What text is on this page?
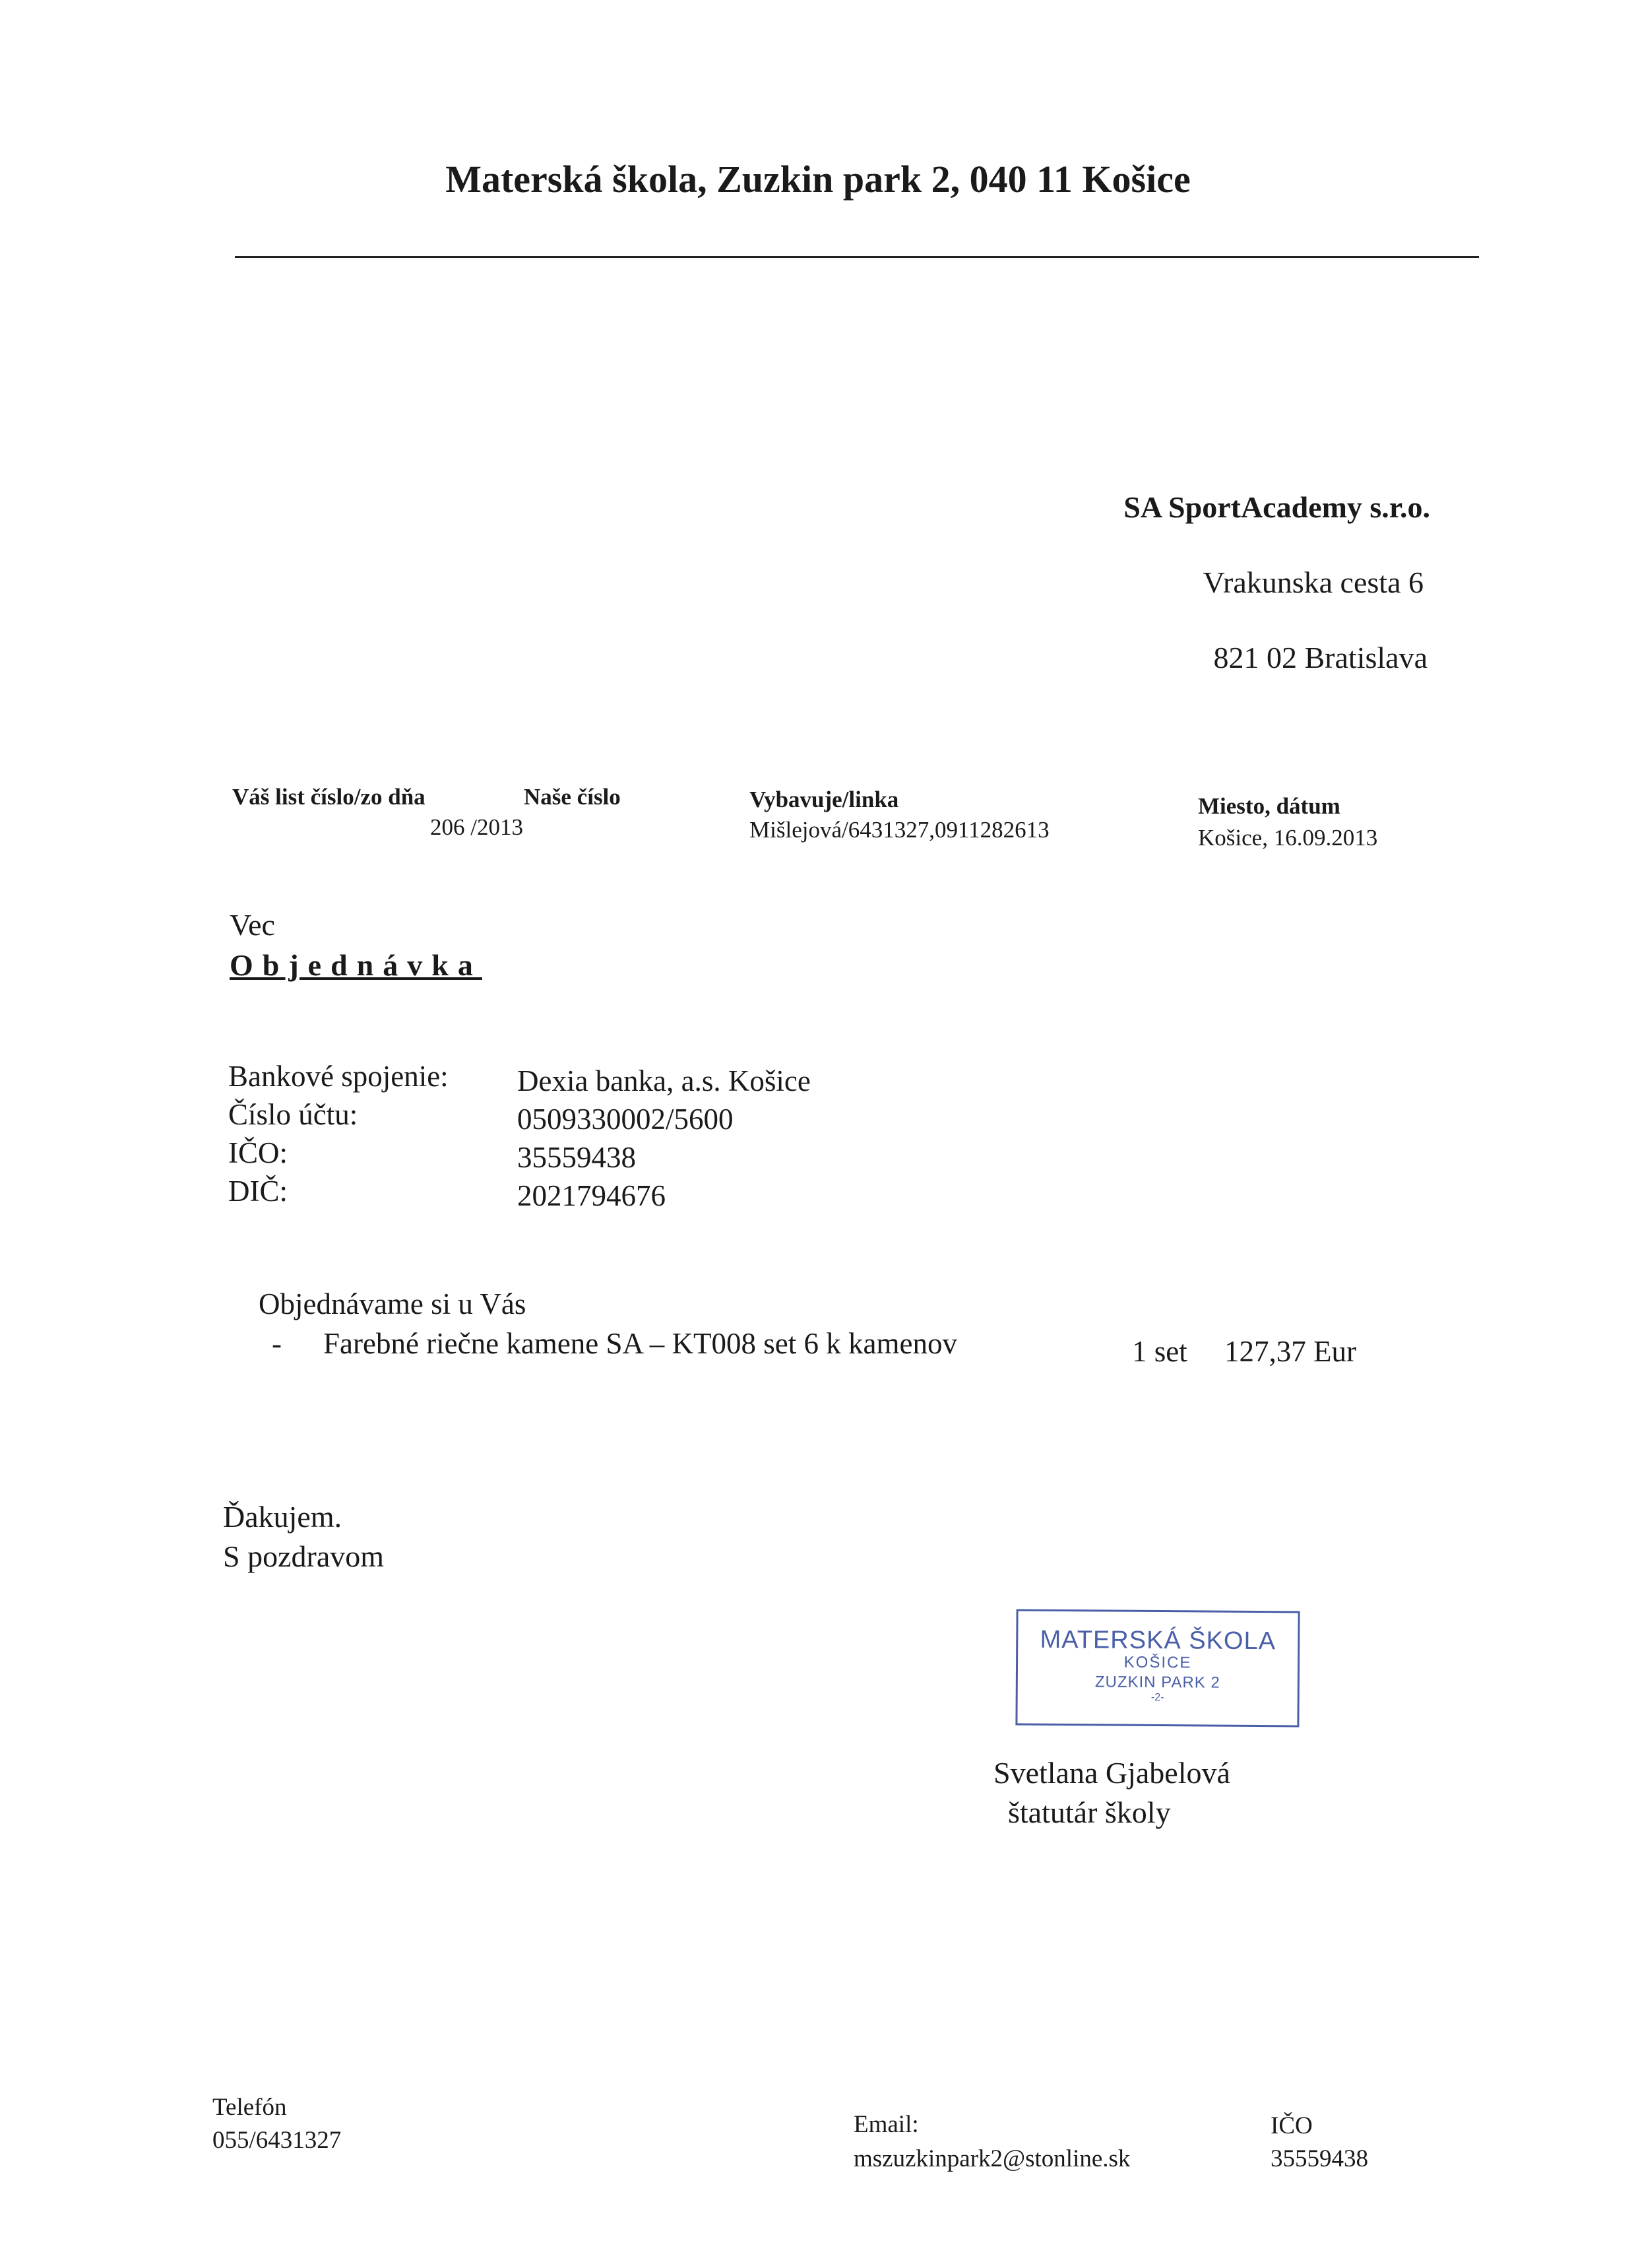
Materská škola, Zuzkin park 2, 040 11 Košice
SA SportAcademy s.r.o.
Vrakunska cesta 6
821 02 Bratislava
Váš list číslo/zo dňa	Naše číslo
206 /2013
Vybavuje/linka
Mišlejová/6431327,0911282613
Miesto, dátum
Košice, 16.09.2013
Vec
Objednávka
Bankové spojenie: Dexia banka, a.s. Košice
Číslo účtu:	0509330002/5600
IČO:	35559438
DIČ:	2021794676
Objednávame si u Vás
- Farebné riečne kamene SA – KT008 set 6 k kamenov	1 set 127,37 Eur
Ďakujem.
S pozdravom
MATERSKÁ ŠKOLA
KOŠICE
ZUZKIN PARK 2
-2-
Svetlana Gjabelová
štatutár školy
Telefón
055/6431327
Email:
mszuzkinpark2@stonline.sk
IČO
35559438
